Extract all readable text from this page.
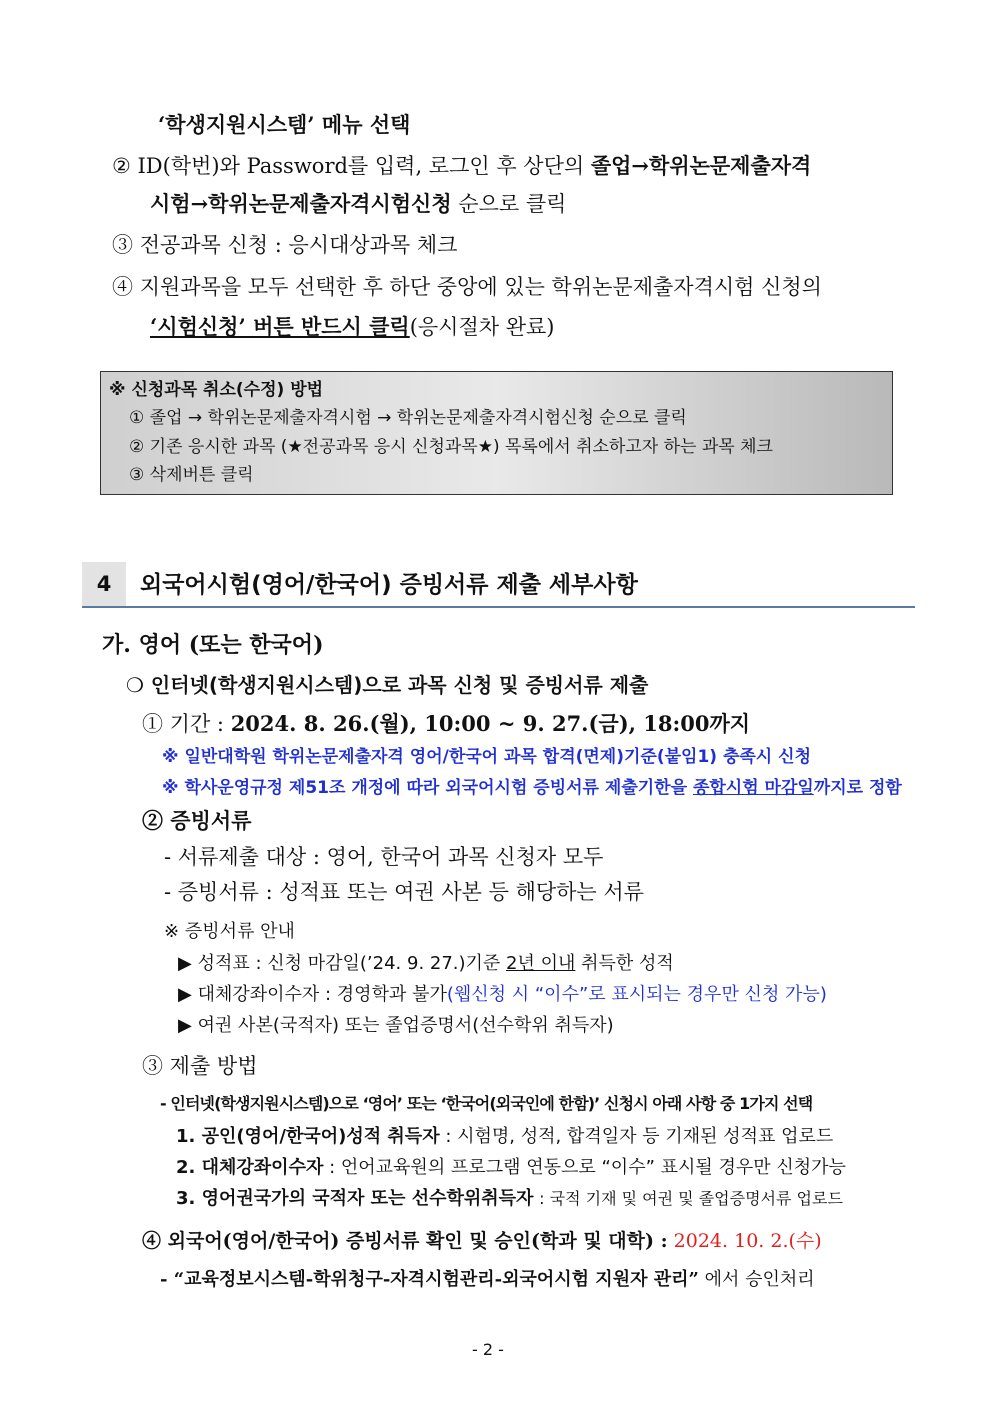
‘학생지원시스템’ 메뉴 선택
② ID(학번)와 Password를 입력, 로그인 후 상단의 졸업→학위논문제출자격
시험→학위논문제출자격시험신청 순으로 클릭
③ 전공과목 신청 : 응시대상과목 체크
④ 지원과목을 모두 선택한 후 하단 중앙에 있는 학위논문제출자격시험 신청의
‘시험신청’ 버튼 반드시 클릭(응시절차 완료)
※ 신청과목 취소(수정) 방법
① 졸업 → 학위논문제출자격시험 → 학위논문제출자격시험신청 순으로 클릭
② 기존 응시한 과목 (★전공과목 응시 신청과목★) 목록에서 취소하고자 하는 과목 체크
③ 삭제버튼 클릭
4	외국어시험(영어/한국어) 증빙서류 제출 세부사항
가. 영어 (또는 한국어)
❍ 인터넷(학생지원시스템)으로 과목 신청 및 증빙서류 제출
① 기간 : 2024. 8. 26.(월), 10:00 ~ 9. 27.(금), 18:00까지
※ 일반대학원 학위논문제출자격 영어/한국어 과목 합격(면제)기준(붙임1) 충족시 신청
※ 학사운영규정 제51조 개정에 따라 외국어시험 증빙서류 제출기한을 종합시험 마감일까지로 정함
② 증빙서류
- 서류제출 대상 : 영어, 한국어 과목 신청자 모두
- 증빙서류 : 성적표 또는 여권 사본 등 해당하는 서류
※ 증빙서류 안내
▶ 성적표 : 신청 마감일(’24. 9. 27.)기준 2년 이내 취득한 성적
▶ 대체강좌이수자 : 경영학과 불가(웹신청 시 “이수”로 표시되는 경우만 신청 가능)
▶ 여권 사본(국적자) 또는 졸업증명서(선수학위 취득자)
③ 제출 방법
- 인터넷(학생지원시스템)으로 ‘영어’ 또는 ‘한국어(외국인에 한함)’ 신청시 아래 사항 중 1가지 선택
1. 공인(영어/한국어)성적 취득자 : 시험명, 성적, 합격일자 등 기재된 성적표 업로드
2. 대체강좌이수자 : 언어교육원의 프로그램 연동으로 “이수” 표시될 경우만 신청가능
3. 영어권국가의 국적자 또는 선수학위취득자 : 국적 기재 및 여권 및 졸업증명서류 업로드
④ 외국어(영어/한국어) 증빙서류 확인 및 승인(학과 및 대학) : 2024. 10. 2.(수)
- “교육정보시스템-학위청구-자격시험관리-외국어시험 지원자 관리” 에서 승인처리
- 2 -
